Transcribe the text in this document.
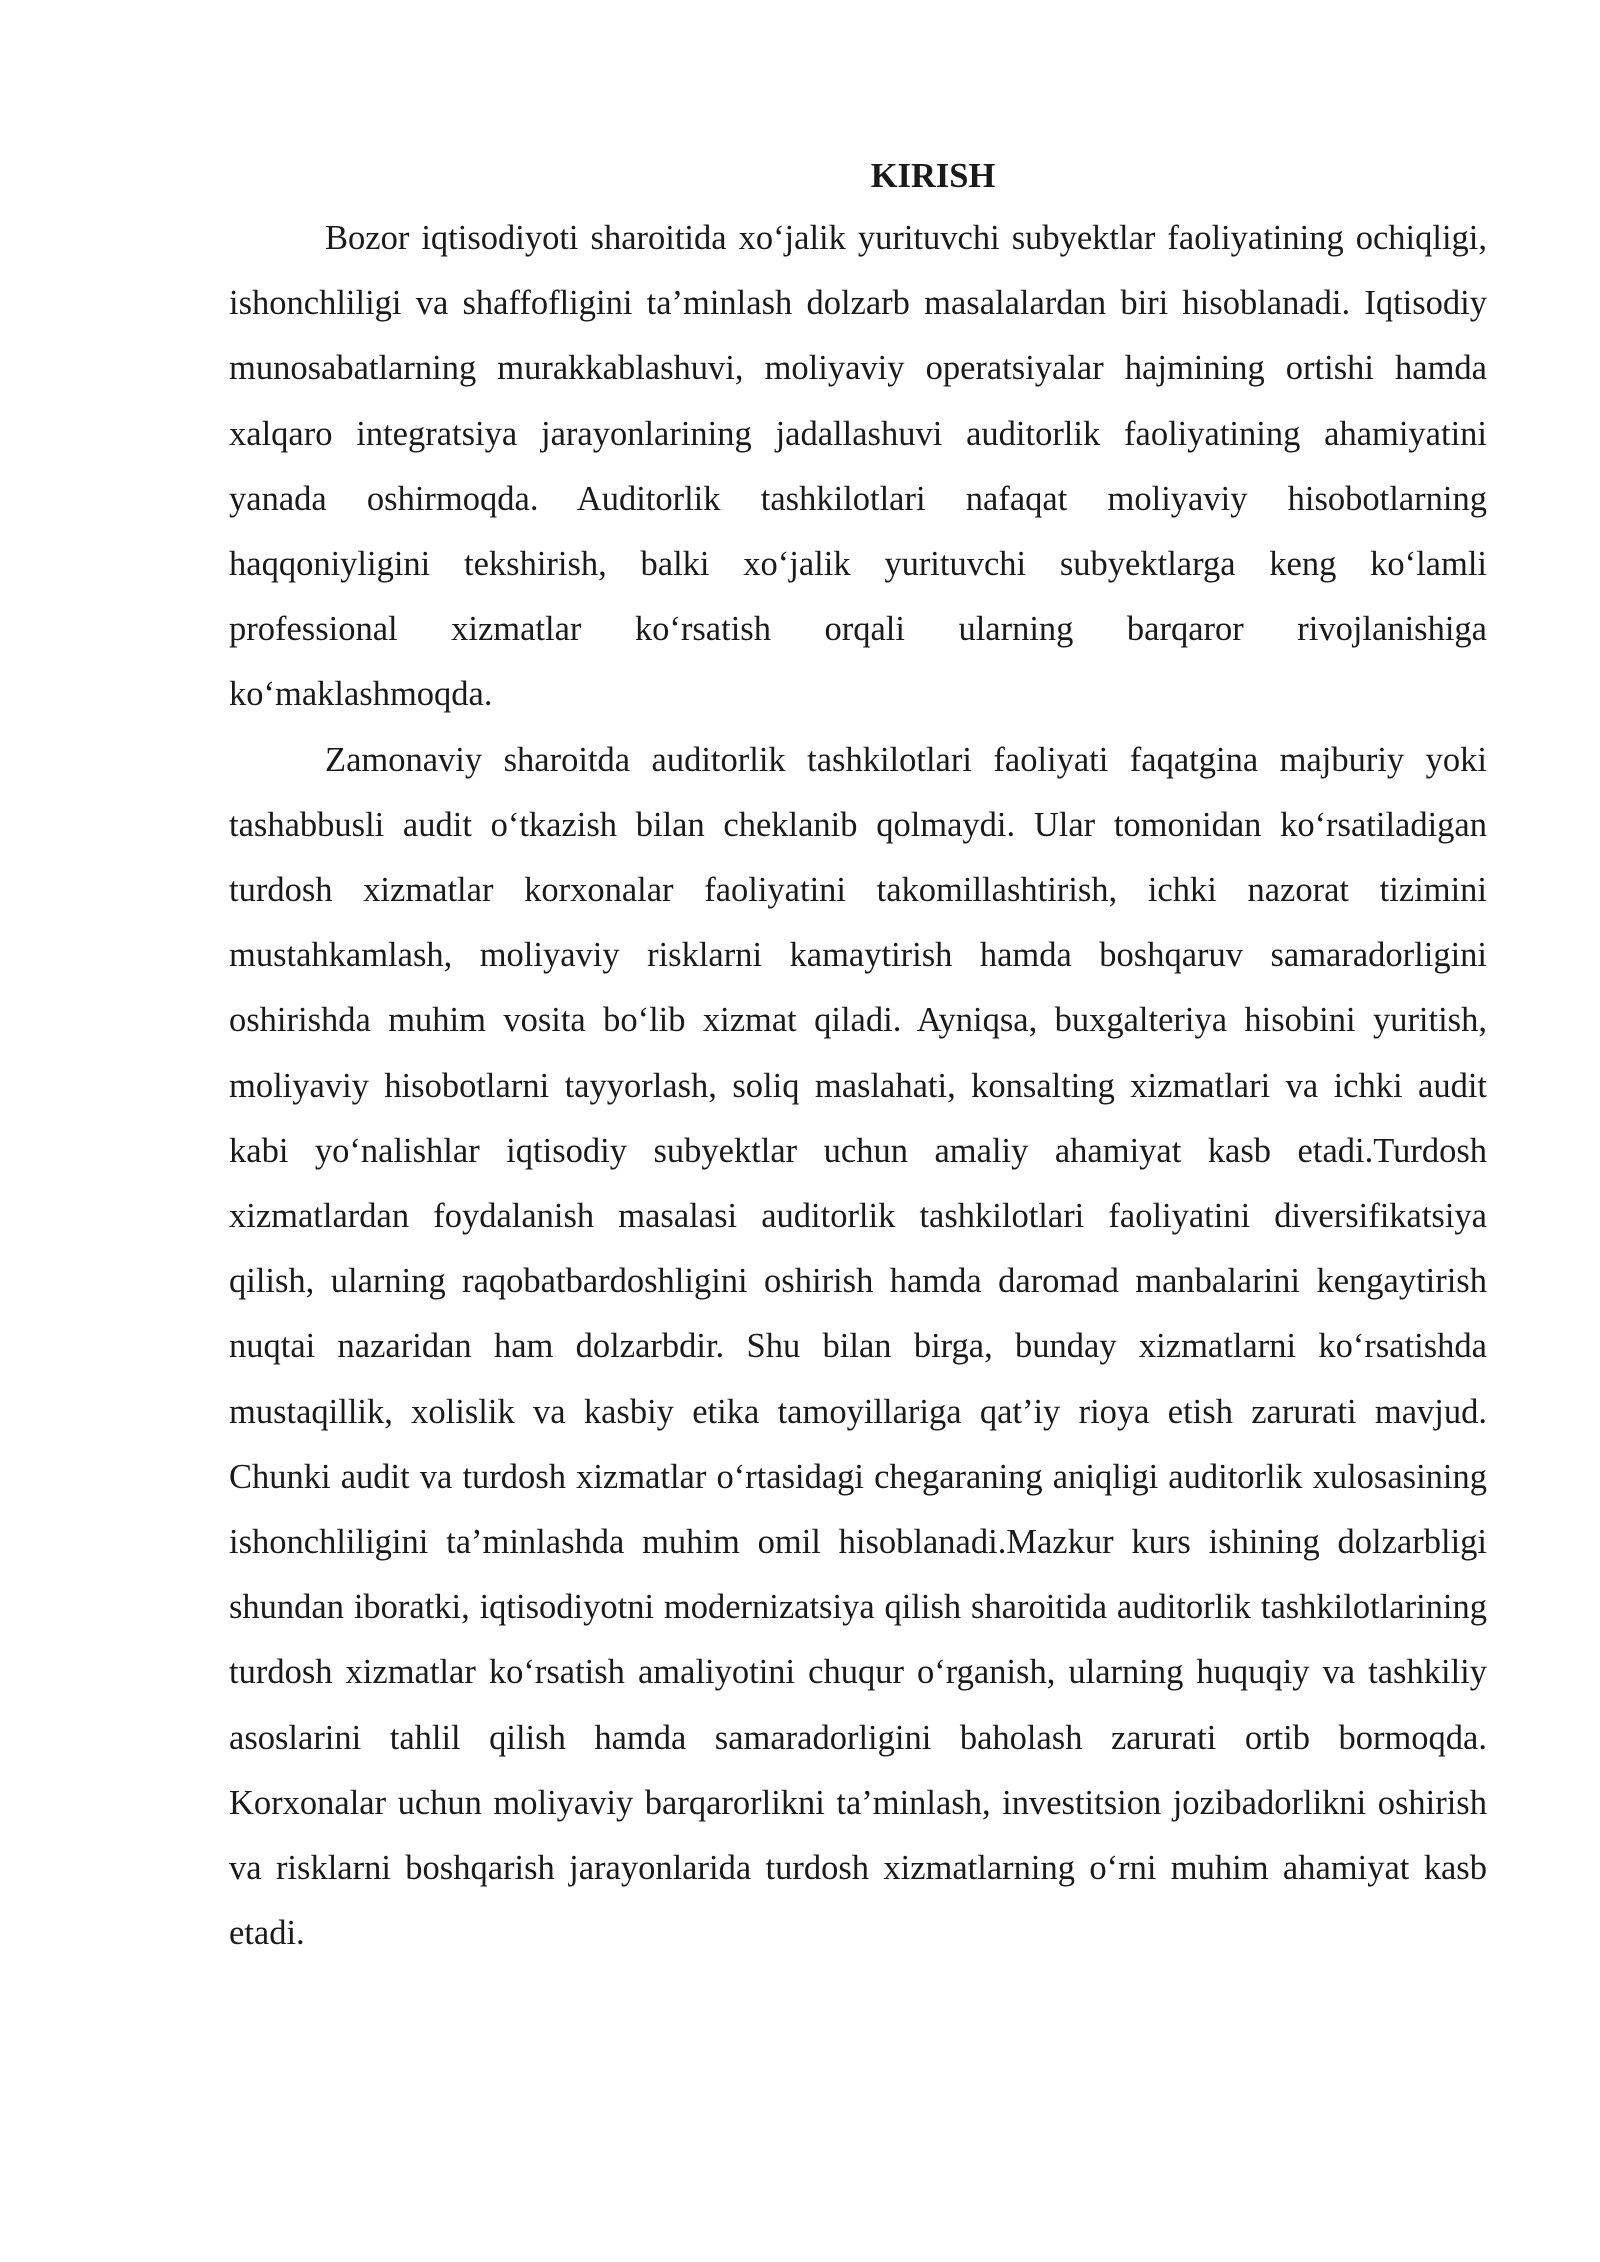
KIRISH

Bozor iqtisodiyoti sharoitida xo‘jalik yurituvchi subyektlar faoliyatining ochiqligi, ishonchliligi va shaffofligini ta’minlash dolzarb masalalardan biri hisoblanadi. Iqtisodiy munosabatlarning murakkablashuvi, moliyaviy operatsiyalar hajmining ortishi hamda xalqaro integratsiya jarayonlarining jadallashuvi auditorlik faoliyatining ahamiyatini yanada oshirmoqda. Auditorlik tashkilotlari nafaqat moliyaviy hisobotlarning haqqoniyligini tekshirish, balki xo‘jalik yurituvchi subyektlarga keng ko‘lamli professional xizmatlar ko‘rsatish orqali ularning barqaror rivojlanishiga ko‘maklashmoqda.

Zamonaviy sharoitda auditorlik tashkilotlari faoliyati faqatgina majburiy yoki tashabbusli audit o‘tkazish bilan cheklanib qolmaydi. Ular tomonidan ko‘rsatiladigan turdosh xizmatlar korxonalar faoliyatini takomillashtirish, ichki nazorat tizimini mustahkamlash, moliyaviy risklarni kamaytirish hamda boshqaruv samaradorligini oshirishda muhim vosita bo‘lib xizmat qiladi. Ayniqsa, buxgalteriya hisobini yuritish, moliyaviy hisobotlarni tayyorlash, soliq maslahati, konsalting xizmatlari va ichki audit kabi yo‘nalishlar iqtisodiy subyektlar uchun amaliy ahamiyat kasb etadi.Turdosh xizmatlardan foydalanish masalasi auditorlik tashkilotlari faoliyatini diversifikatsiya qilish, ularning raqobatbardoshligini oshirish hamda daromad manbalarini kengaytirish nuqtai nazaridan ham dolzarbdir. Shu bilan birga, bunday xizmatlarni ko‘rsatishda mustaqillik, xolislik va kasbiy etika tamoyillariga qat’iy rioya etish zarurati mavjud. Chunki audit va turdosh xizmatlar o‘rtasidagi chegaraning aniqligi auditorlik xulosasining ishonchliligini ta’minlashda muhim omil hisoblanadi.Mazkur kurs ishining dolzarbligi shundan iboratki, iqtisodiyotni modernizatsiya qilish sharoitida auditorlik tashkilotlarining turdosh xizmatlar ko‘rsatish amaliyotini chuqur o‘rganish, ularning huquqiy va tashkiliy asoslarini tahlil qilish hamda samaradorligini baholash zarurati ortib bormoqda. Korxonalar uchun moliyaviy barqarorlikni ta’minlash, investitsion jozibadorlikni oshirish va risklarni boshqarish jarayonlarida turdosh xizmatlarning o‘rni muhim ahamiyat kasb etadi.
